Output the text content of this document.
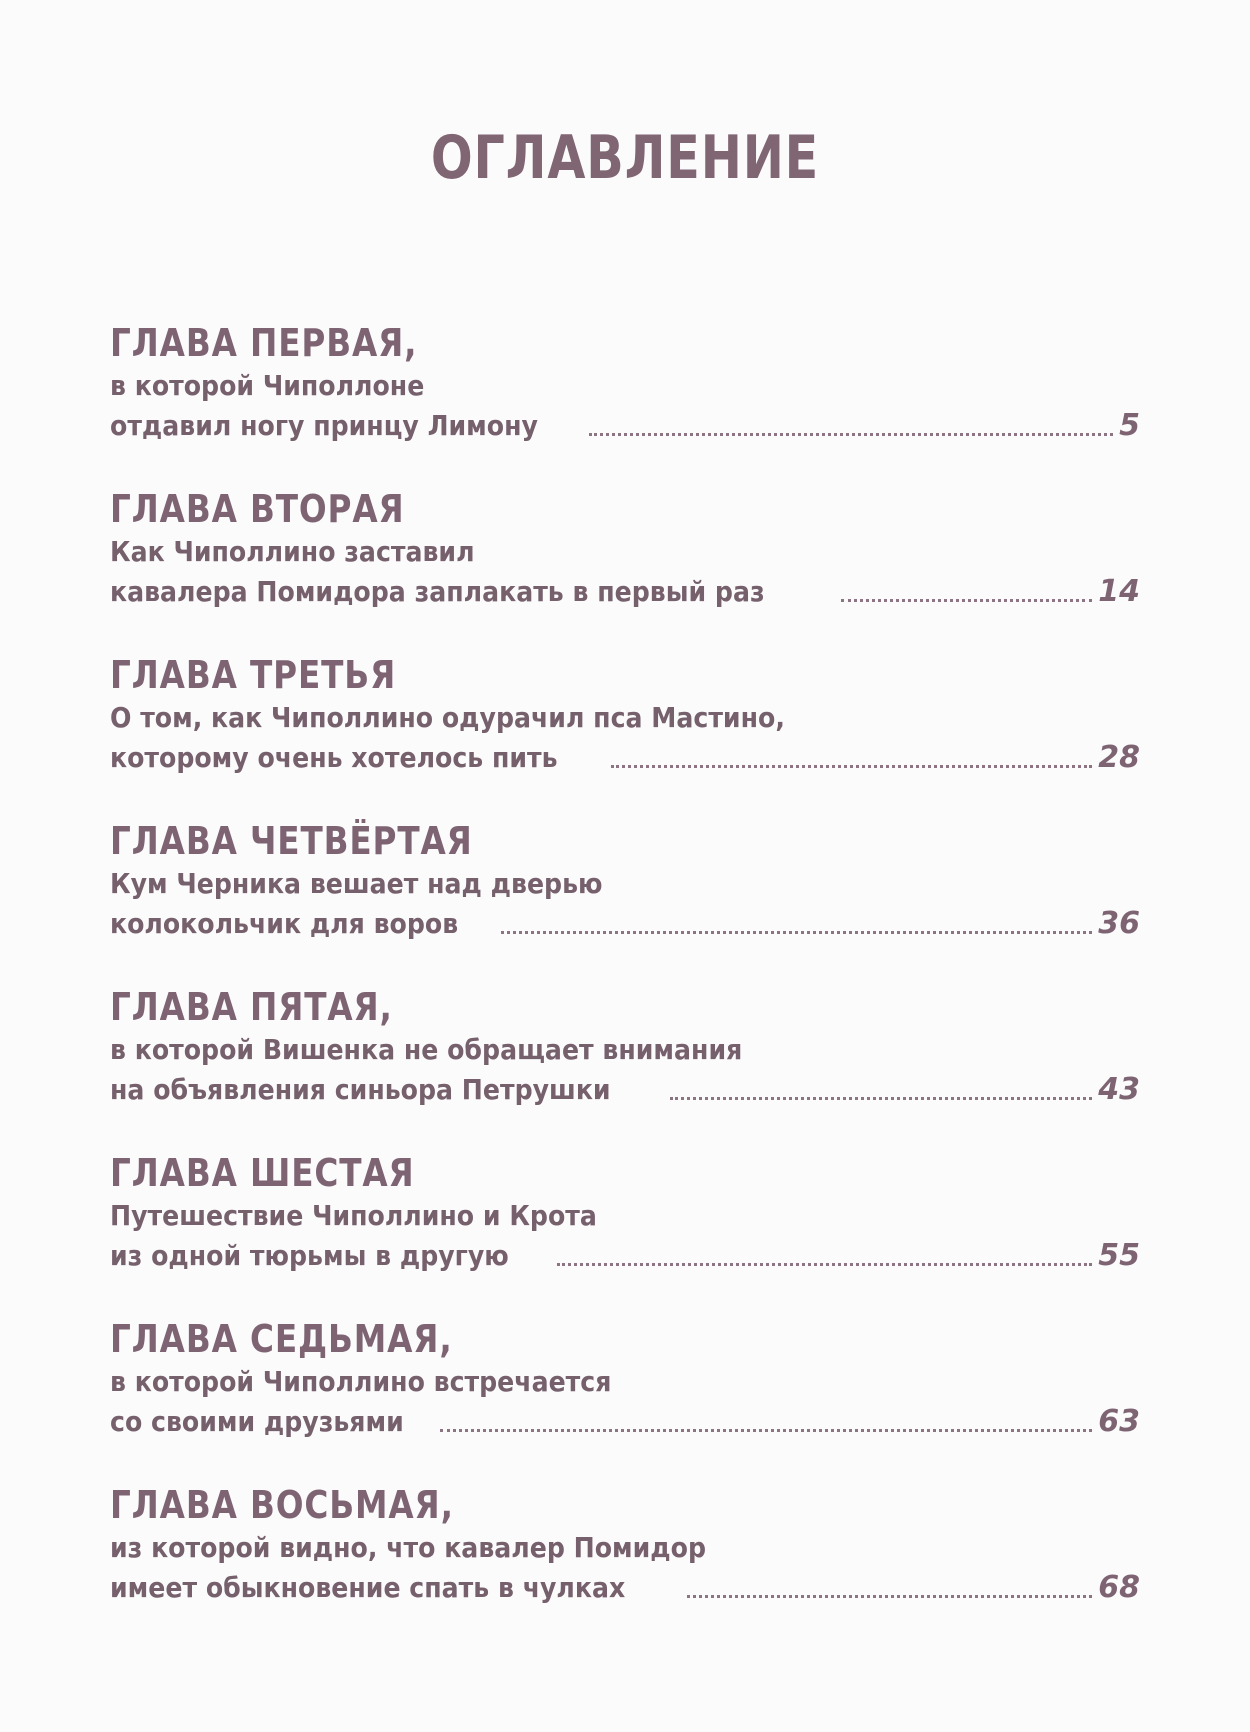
ОГЛАВЛЕНИЕ
ГЛАВА ПЕРВАЯ,
в которой Чиполлоне
отдавил ногу принцу Лимону	5
ГЛАВА ВТОРАЯ
Как Чиполлино заставил
кавалера Помидора заплакать в первый раз	14
ГЛАВА ТРЕТЬЯ
О том, как Чиполлино одурачил пса Мастино,
которому очень хотелось пить	28
ГЛАВА ЧЕТВЁРТАЯ
Кум Черника вешает над дверью
колокольчик для воров	36
ГЛАВА ПЯТАЯ,
в которой Вишенка не обращает внимания
на объявления синьора Петрушки	43
ГЛАВА ШЕСТАЯ
Путешествие Чиполлино и Крота
из одной тюрьмы в другую	55
ГЛАВА СЕДЬМАЯ,
в которой Чиполлино встречается
со своими друзьями	63
ГЛАВА ВОСЬМАЯ,
из которой видно, что кавалер Помидор
имеет обыкновение спать в чулках	68
